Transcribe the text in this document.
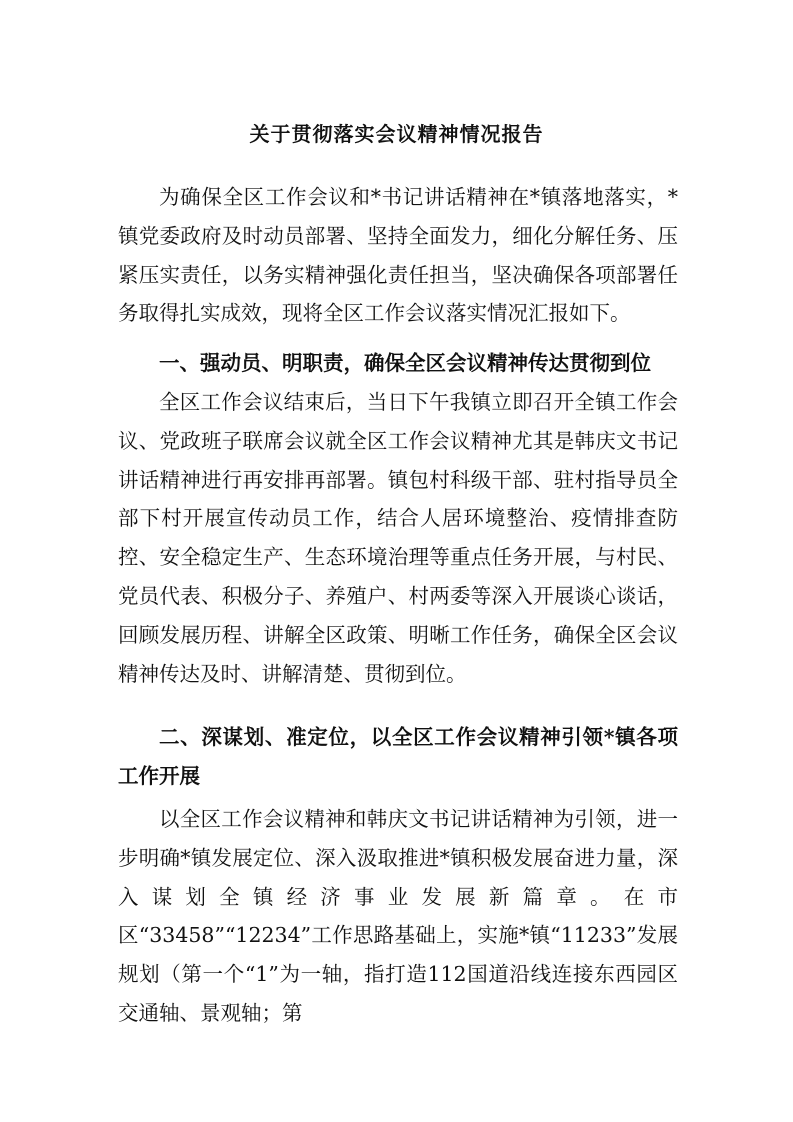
关于贯彻落实会议精神情况报告

为确保全区工作会议和*书记讲话精神在*镇落地落实，*镇党委政府及时动员部署、坚持全面发力，细化分解任务、压紧压实责任，以务实精神强化责任担当，坚决确保各项部署任务取得扎实成效，现将全区工作会议落实情况汇报如下。

一、强动员、明职责，确保全区会议精神传达贯彻到位

全区工作会议结束后，当日下午我镇立即召开全镇工作会议、党政班子联席会议就全区工作会议精神尤其是韩庆文书记讲话精神进行再安排再部署。镇包村科级干部、驻村指导员全部下村开展宣传动员工作，结合人居环境整治、疫情排查防控、安全稳定生产、生态环境治理等重点任务开展，与村民、党员代表、积极分子、养殖户、村两委等深入开展谈心谈话，回顾发展历程、讲解全区政策、明晰工作任务，确保全区会议精神传达及时、讲解清楚、贯彻到位。

二、深谋划、准定位，以全区工作会议精神引领*镇各项工作开展

以全区工作会议精神和韩庆文书记讲话精神为引领，进一步明确*镇发展定位、深入汲取推进*镇积极发展奋进力量，深入谋划全镇经济事业发展新篇章。在市区“33458”“12234”工作思路基础上，实施*镇“11233”发展规划（第一个“1”为一轴，指打造112国道沿线连接东西园区交通轴、景观轴；第
